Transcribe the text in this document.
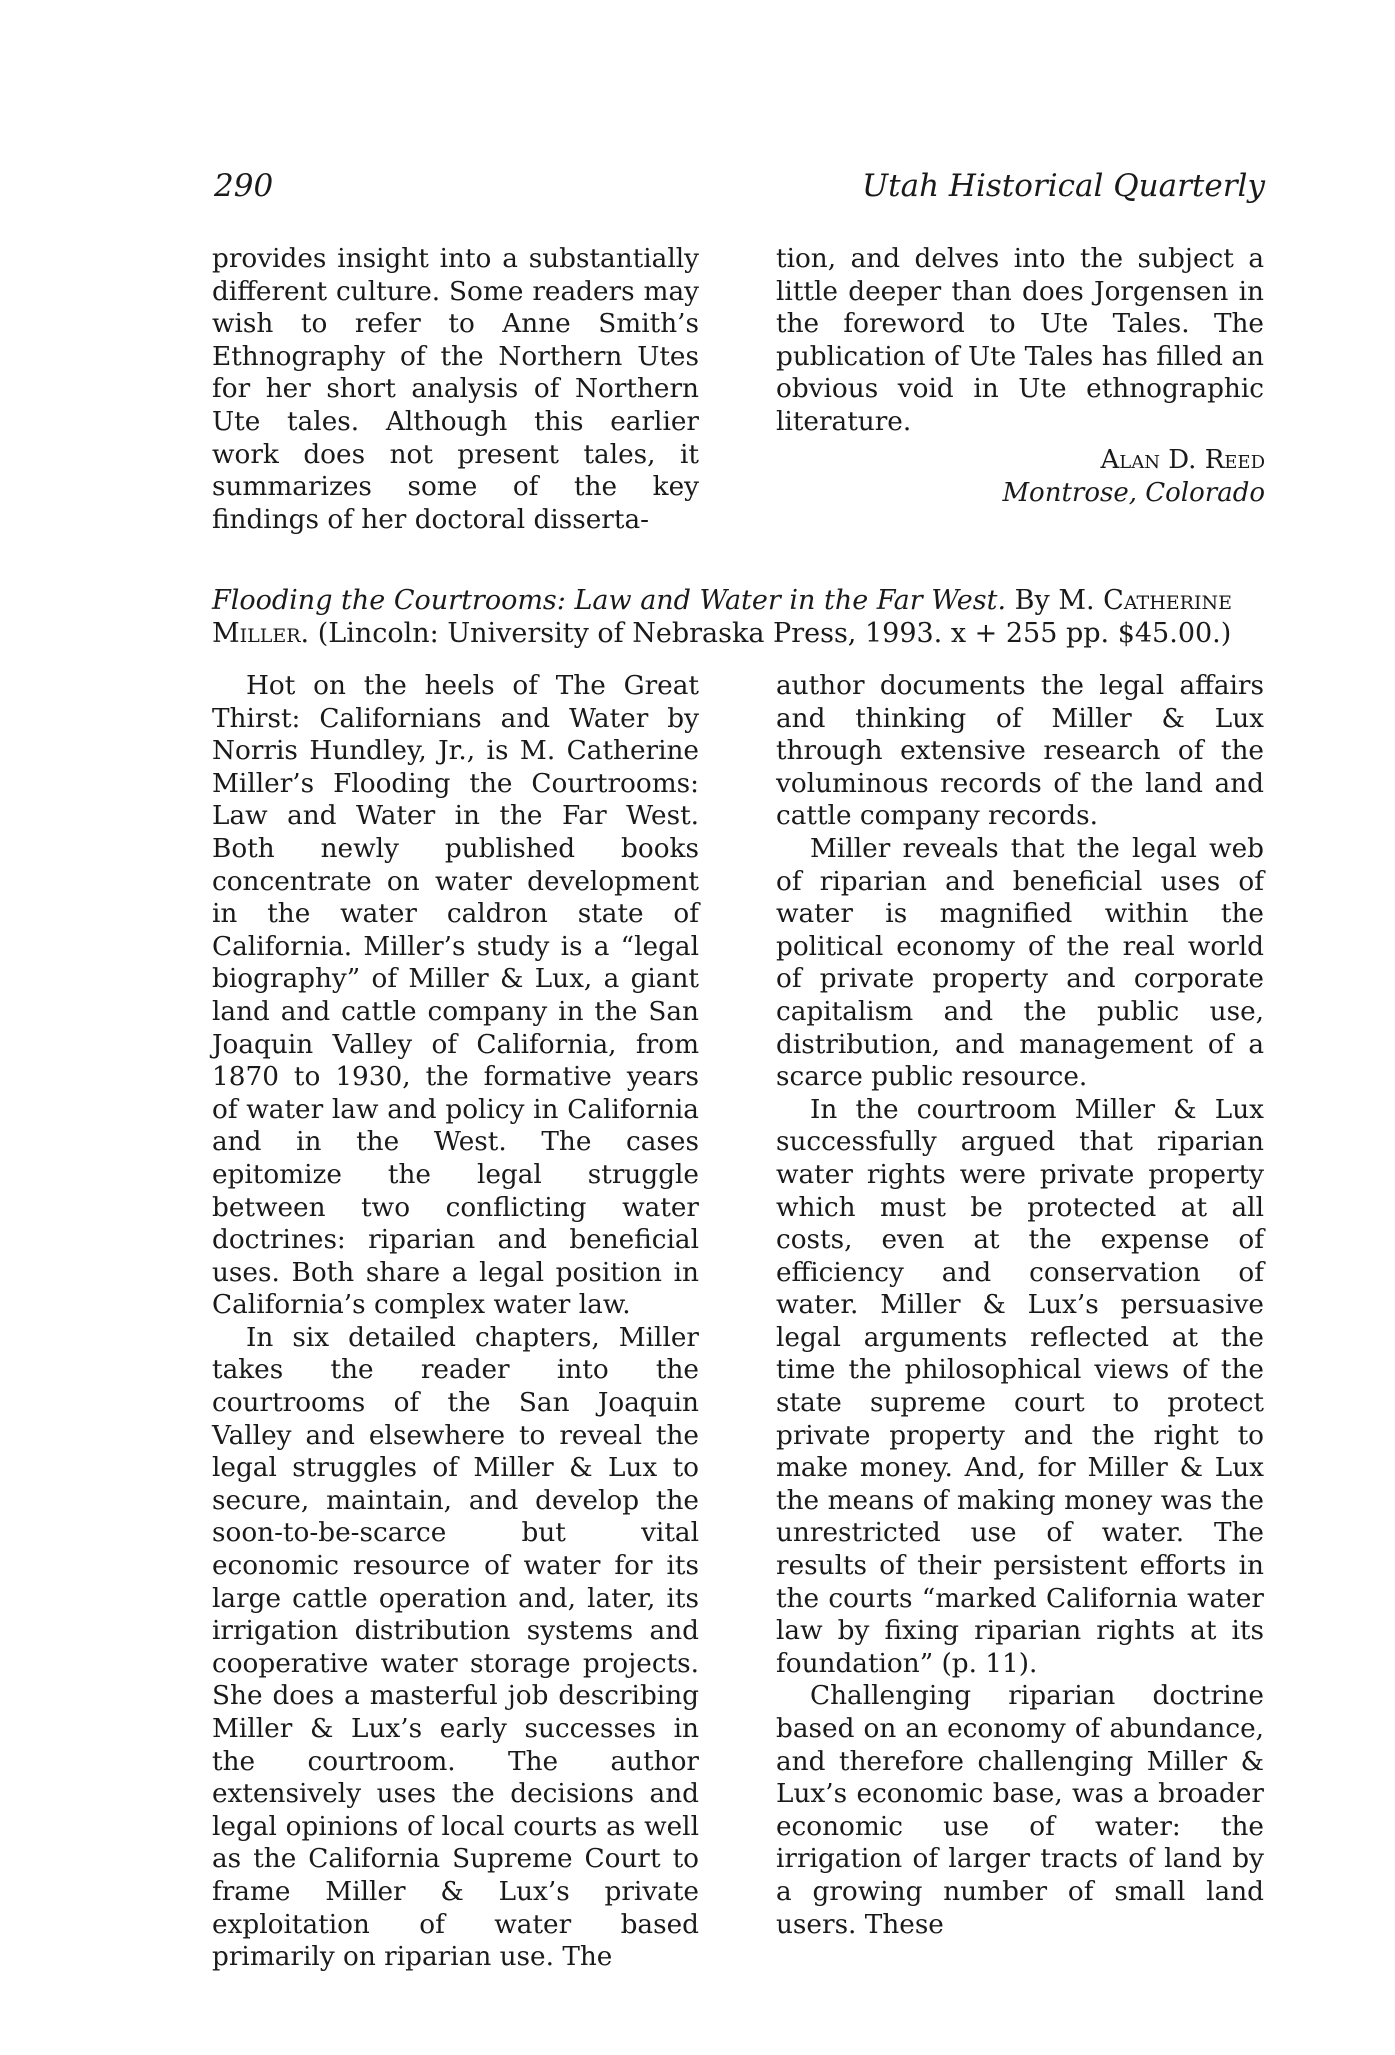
290	Utah Historical Quarterly

provides insight into a substantially different culture. Some readers may wish to refer to Anne Smith’s Ethnography of the Northern Utes for her short analysis of Northern Ute tales. Although this earlier work does not present tales, it summarizes some of the key findings of her doctoral disserta-

tion, and delves into the subject a little deeper than does Jorgensen in the foreword to Ute Tales. The publication of Ute Tales has filled an obvious void in Ute ethnographic literature.

Alan D. Reed
Montrose, Colorado
Flooding the Courtrooms: Law and Water in the Far West. By M. Catherine Miller. (Lincoln: University of Nebraska Press, 1993. x + 255 pp. $45.00.)

Hot on the heels of The Great Thirst: Californians and Water by Norris Hundley, Jr., is M. Catherine Miller’s Flooding the Courtrooms: Law and Water in the Far West. Both newly published books concentrate on water development in the water caldron state of California. Miller’s study is a “legal biography” of Miller & Lux, a giant land and cattle company in the San Joaquin Valley of California, from 1870 to 1930, the formative years of water law and policy in California and in the West. The cases epitomize the legal struggle between two conflicting water doctrines: riparian and beneficial uses. Both share a legal position in California’s complex water law.

In six detailed chapters, Miller takes the reader into the courtrooms of the San Joaquin Valley and elsewhere to reveal the legal struggles of Miller & Lux to secure, maintain, and develop the soon-to-be-scarce but vital economic resource of water for its large cattle operation and, later, its irrigation distribution systems and cooperative water storage projects. She does a masterful job describing Miller & Lux’s early successes in the courtroom. The author extensively uses the decisions and legal opinions of local courts as well as the California Supreme Court to frame Miller & Lux’s private exploitation of water based primarily on riparian use. The

author documents the legal affairs and thinking of Miller & Lux through extensive research of the voluminous records of the land and cattle company records.

Miller reveals that the legal web of riparian and beneficial uses of water is magnified within the political economy of the real world of private property and corporate capitalism and the public use, distribution, and management of a scarce public resource.

In the courtroom Miller & Lux successfully argued that riparian water rights were private property which must be protected at all costs, even at the expense of efficiency and conservation of water. Miller & Lux’s persuasive legal arguments reflected at the time the philosophical views of the state supreme court to protect private property and the right to make money. And, for Miller & Lux the means of making money was the unrestricted use of water. The results of their persistent efforts in the courts “marked California water law by fixing riparian rights at its foundation” (p. 11).

Challenging riparian doctrine based on an economy of abundance, and therefore challenging Miller & Lux’s economic base, was a broader economic use of water: the irrigation of larger tracts of land by a growing number of small land users. These
